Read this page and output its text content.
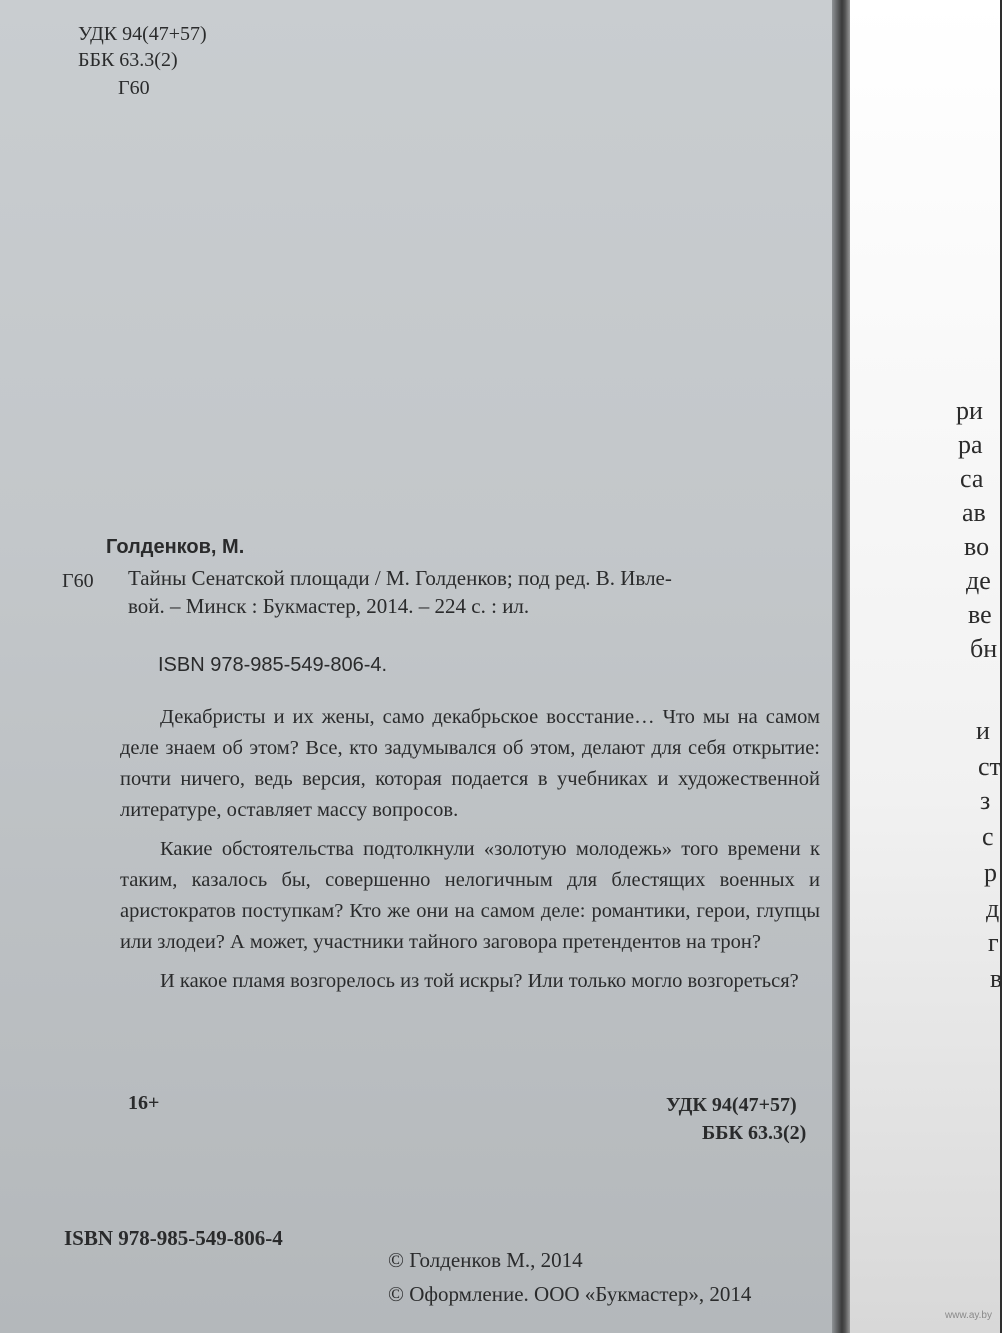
УДК 94(47+57)
ББК 63.3(2)
Г60
Голденков, М.
Г60 Тайны Сенатской площади / М. Голденков; под ред. В. Ивле-
вой. – Минск : Букмастер, 2014. – 224 с. : ил.
ISBN 978-985-549-806-4.

Декабристы и их жены, само декабрьское восстание… Что мы на самом деле знаем об этом? Все, кто задумывался об этом, делают для себя открытие: почти ничего, ведь версия, которая подается в учебниках и художественной литературе, оставляет массу вопросов.

Какие обстоятельства подтолкнули «золотую молодежь» того времени к таким, казалось бы, совершенно нелогичным для блестящих военных и аристократов поступкам? Кто же они на самом деле: романтики, герои, глупцы или злодеи? А может, участники тайного заговора претендентов на трон?

И какое пламя возгорелось из той искры? Или только могло возгореться?

16+	УДК 94(47+57)
ББК 63.3(2)
ISBN 978-985-549-806-4
© Голденков М., 2014
© Оформление. ООО «Букмастер», 2014
ри
ра
са
ав
во
де
ве
бн
и
ст
з
с
р
д
г
в
www.ay.by
